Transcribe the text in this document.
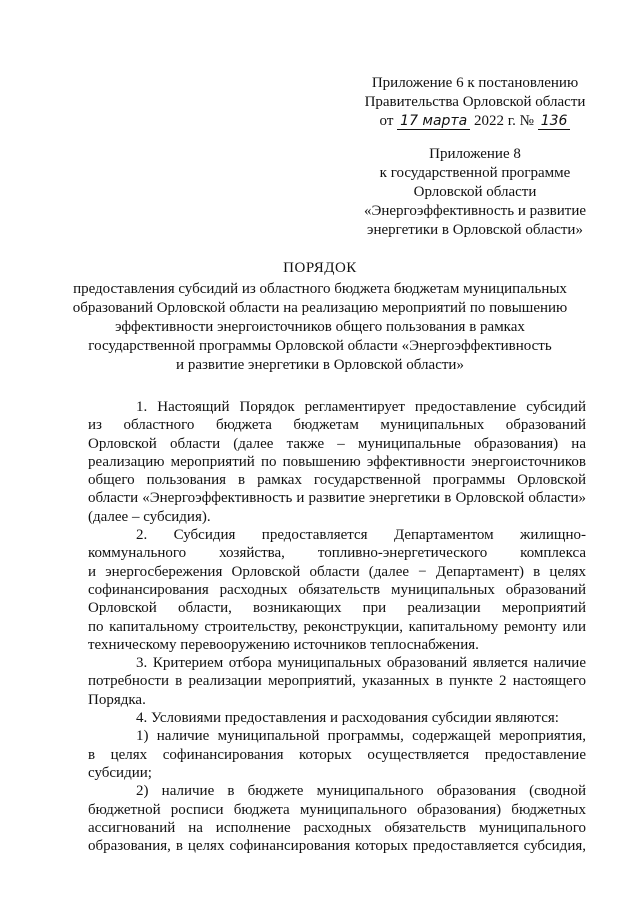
Приложение 6 к постановлению
Правительства Орловской области
от 17 марта 2022 г. № 136
Приложение 8
к государственной программе
Орловской области
«Энергоэффективность и развитие
энергетики в Орловской области»
ПОРЯДОК
предоставления субсидий из областного бюджета бюджетам муниципальных
образований Орловской области на реализацию мероприятий по повышению
эффективности энергоисточников общего пользования в рамках
государственной программы Орловской области «Энергоэффективность
и развитие энергетики в Орловской области»
1. Настоящий Порядок регламентирует предоставление субсидий
из областного бюджета бюджетам муниципальных образований
Орловской области (далее также – муниципальные образования) на
реализацию мероприятий по повышению эффективности энергоисточников
общего пользования в рамках государственной программы Орловской
области «Энергоэффективность и развитие энергетики в Орловской области»
(далее – субсидия).
2. Субсидия предоставляется Департаментом жилищно-
коммунального хозяйства, топливно-энергетического комплекса
и энергосбережения Орловской области (далее − Департамент) в целях
софинансирования расходных обязательств муниципальных образований
Орловской области, возникающих при реализации мероприятий
по капитальному строительству, реконструкции, капитальному ремонту или
техническому перевооружению источников теплоснабжения.
3. Критерием отбора муниципальных образований является наличие
потребности в реализации мероприятий, указанных в пункте 2 настоящего
Порядка.
4. Условиями предоставления и расходования субсидии являются:
1) наличие муниципальной программы, содержащей мероприятия,
в целях софинансирования которых осуществляется предоставление
субсидии;
2) наличие в бюджете муниципального образования (сводной
бюджетной росписи бюджета муниципального образования) бюджетных
ассигнований на исполнение расходных обязательств муниципального
образования, в целях софинансирования которых предоставляется субсидия,
